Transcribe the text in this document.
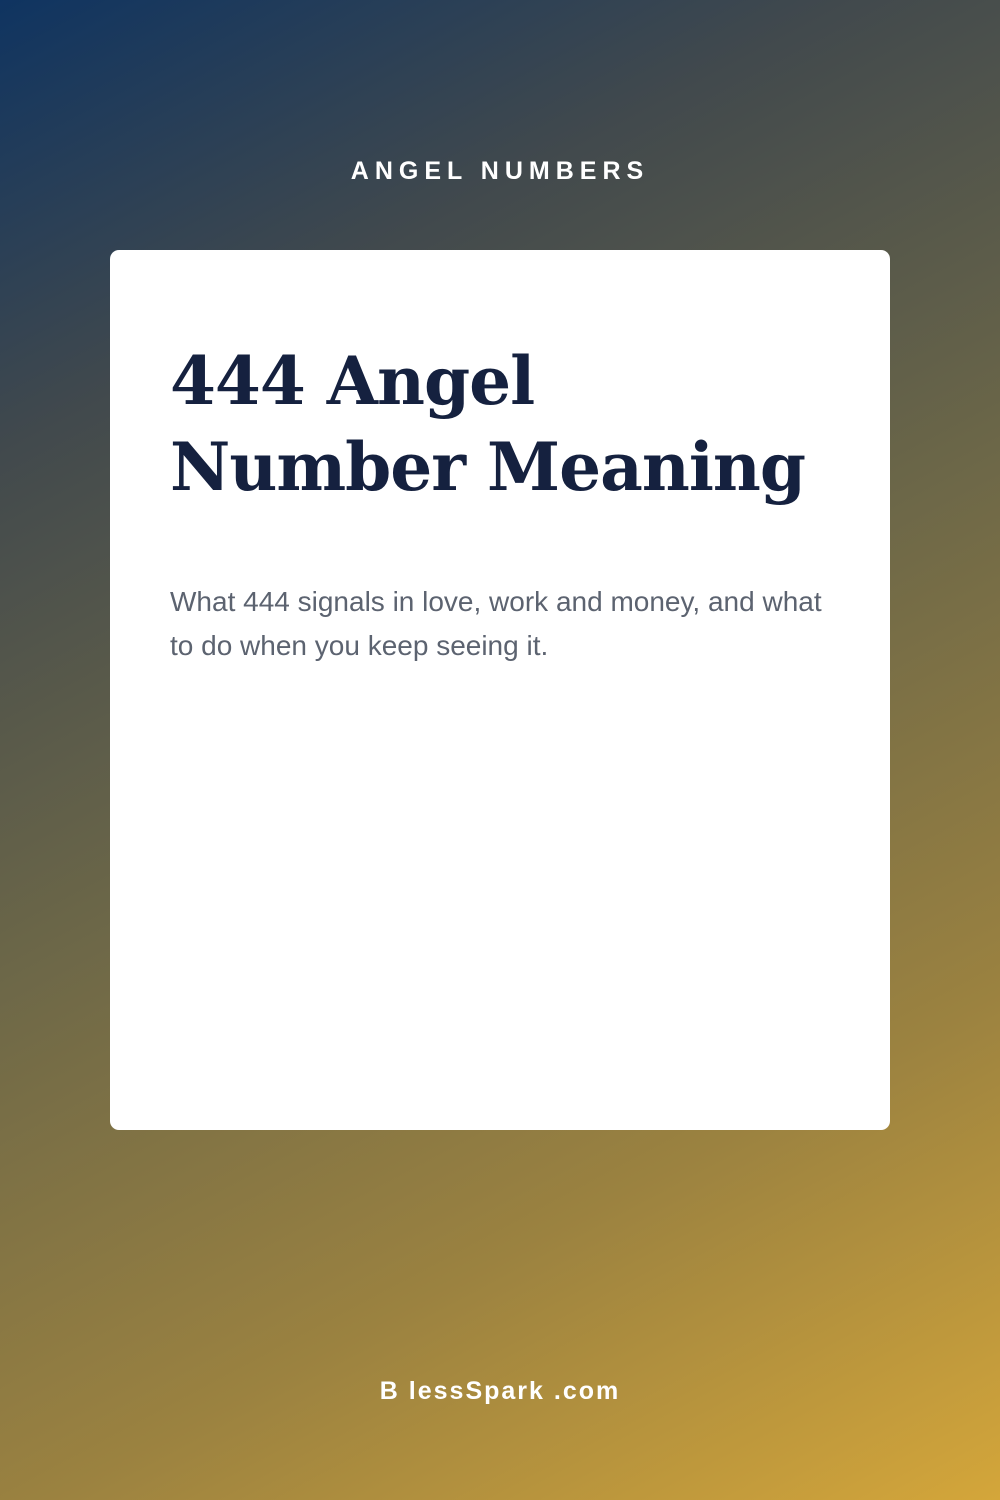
ANGEL NUMBERS
444 Angel Number Meaning

What 444 signals in love, work and money, and what to do when you keep seeing it.

B lessSpark .com
